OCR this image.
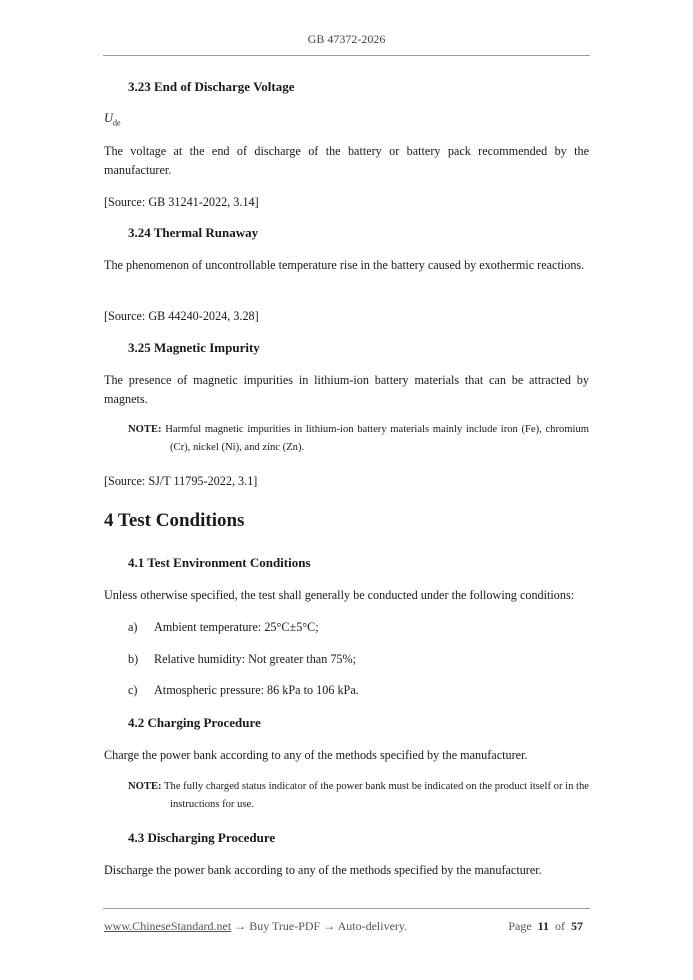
GB 47372-2026
3.23 End of Discharge Voltage
$U_{de}$
The voltage at the end of discharge of the battery or battery pack recommended by the manufacturer.
[Source: GB 31241-2022, 3.14]
3.24 Thermal Runaway
The phenomenon of uncontrollable temperature rise in the battery caused by exothermic reactions.
[Source: GB 44240-2024, 3.28]
3.25 Magnetic Impurity
The presence of magnetic impurities in lithium-ion battery materials that can be attracted by magnets.
NOTE: Harmful magnetic impurities in lithium-ion battery materials mainly include iron (Fe), chromium (Cr), nickel (Ni), and zinc (Zn).
[Source: SJ/T 11795-2022, 3.1]
4 Test Conditions
4.1 Test Environment Conditions
Unless otherwise specified, the test shall generally be conducted under the following conditions:
a) Ambient temperature: 25°C±5°C;
b) Relative humidity: Not greater than 75%;
c) Atmospheric pressure: 86 kPa to 106 kPa.
4.2 Charging Procedure
Charge the power bank according to any of the methods specified by the manufacturer.
NOTE: The fully charged status indicator of the power bank must be indicated on the product itself or in the instructions for use.
4.3 Discharging Procedure
Discharge the power bank according to any of the methods specified by the manufacturer.
www.ChineseStandard.net → Buy True-PDF → Auto-delivery.	Page 11 of 57
